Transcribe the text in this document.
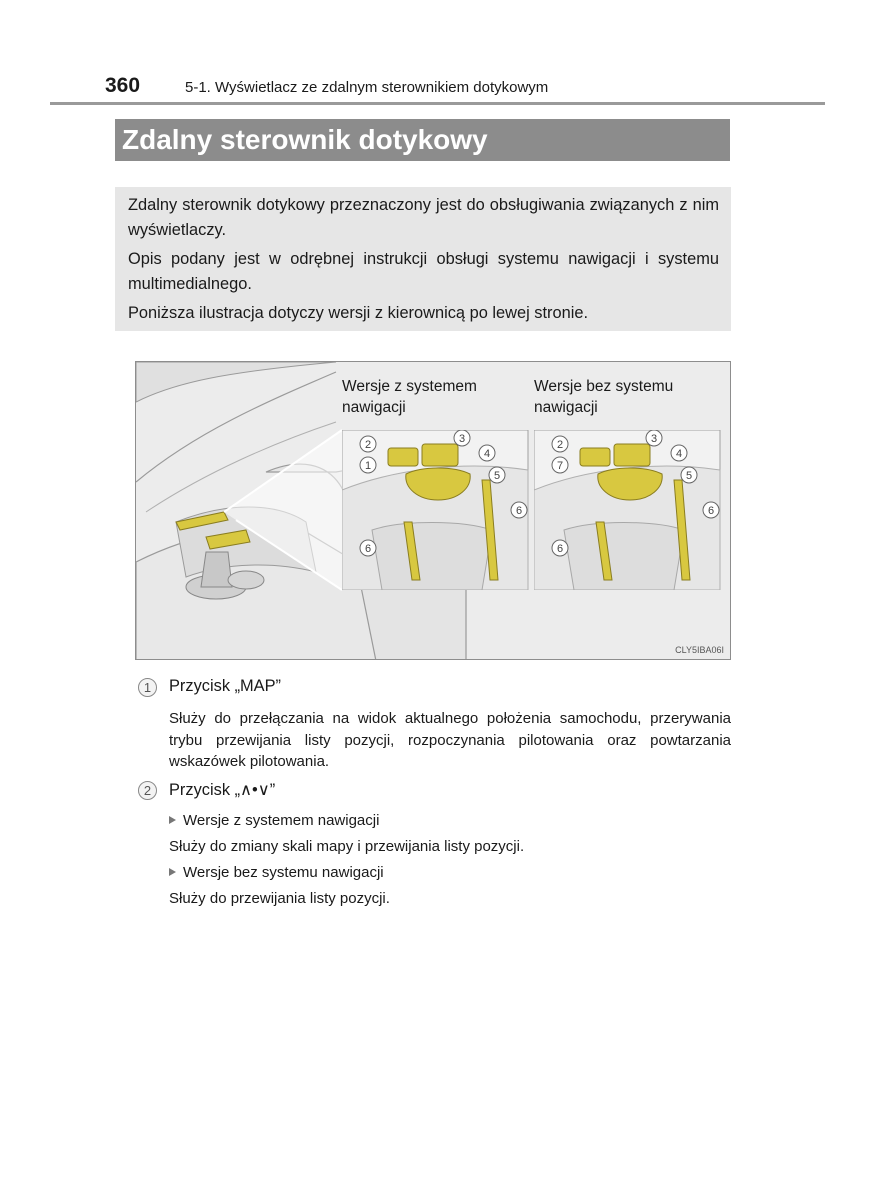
360	5-1. Wyświetlacz ze zdalnym sterownikiem dotykowym
Zdalny sterownik dotykowy

Zdalny sterownik dotykowy przeznaczony jest do obsługiwania związanych z nim wyświetlaczy.

Opis podany jest w odrębnej instrukcji obsługi systemu nawigacji i systemu multimedialnego.

Poniższa ilustracja dotyczy wersji z kierownicą po lewej stronie.

Wersje z systemem nawigacji
2
1
3
4
5
6
6
Wersje bez systemu nawigacji
2
7
3
4
5
6
6
CLY5IBA06I
1	Przycisk „MAP”
Służy do przełączania na widok aktualnego położenia samochodu, przerywania trybu przewijania listy pozycji, rozpoczynania pilotowania oraz powtarzania wskazówek pilotowania.
2	Przycisk „∧•∨”
Wersje z systemem nawigacji
Służy do zmiany skali mapy i przewijania listy pozycji.
Wersje bez systemu nawigacji
Służy do przewijania listy pozycji.
